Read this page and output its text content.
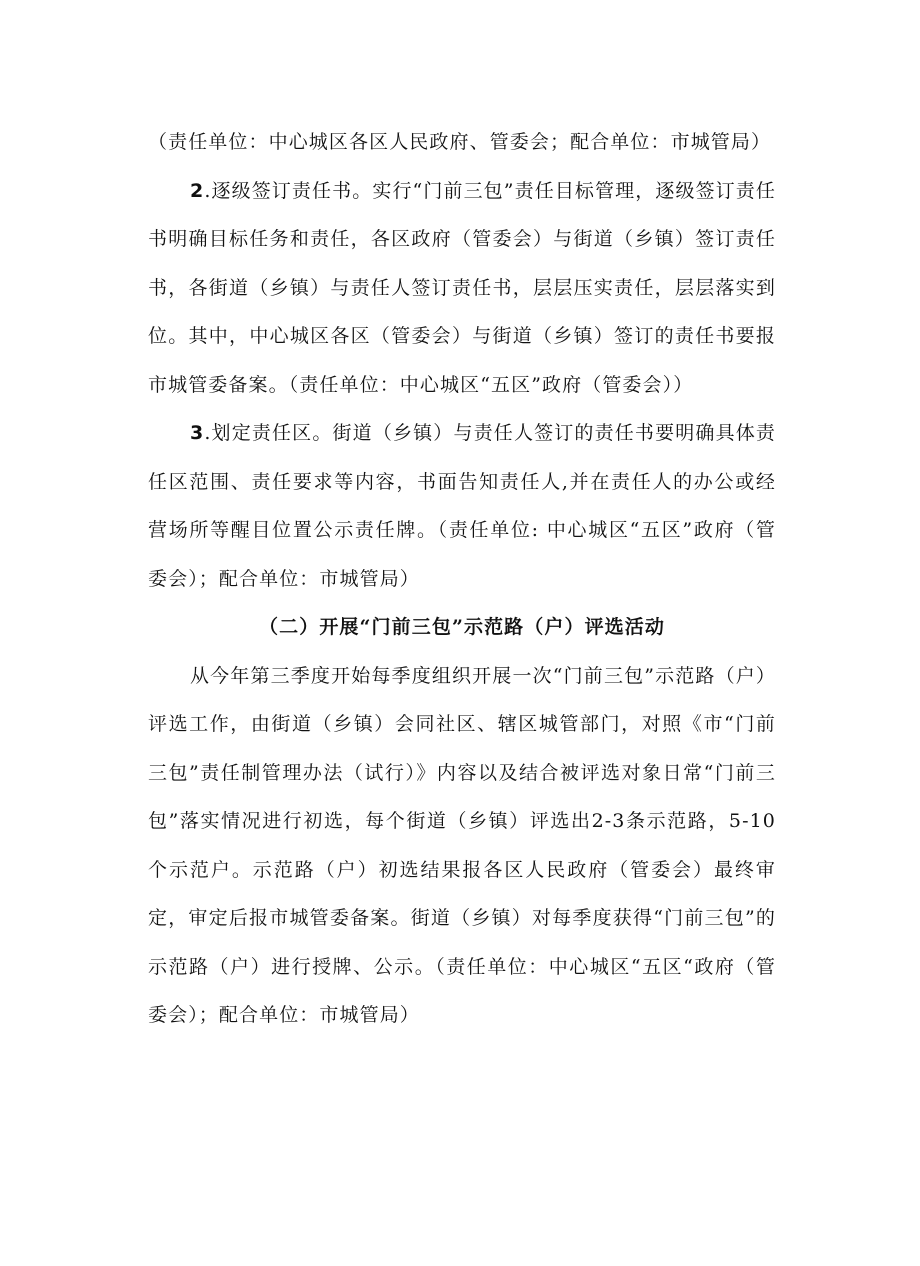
（责任单位：中心城区各区人民政府、管委会；配合单位：市城管局）

2.逐级签订责任书。实行“门前三包”责任目标管理，逐级签订责任书明确目标任务和责任，各区政府（管委会）与街道（乡镇）签订责任书，各街道（乡镇）与责任人签订责任书，层层压实责任，层层落实到位。其中，中心城区各区（管委会）与街道（乡镇）签订的责任书要报市城管委备案。（责任单位：中心城区“五区”政府（管委会））

3.划定责任区。街道（乡镇）与责任人签订的责任书要明确具体责任区范围、责任要求等内容，书面告知责任人,并在责任人的办公或经营场所等醒目位置公示责任牌。（责任单位: 中心城区“五区”政府（管委会）；配合单位：市城管局）

（二）开展“门前三包”示范路（户）评选活动

从今年第三季度开始每季度组织开展一次“门前三包”示范路（户）评选工作，由街道（乡镇）会同社区、辖区城管部门，对照《市“门前三包”责任制管理办法（试行）》内容以及结合被评选对象日常“门前三包”落实情况进行初选，每个街道（乡镇）评选出2-3条示范路，5-10个示范户。示范路（户）初选结果报各区人民政府（管委会）最终审定，审定后报市城管委备案。街道（乡镇）对每季度获得“门前三包”的示范路（户）进行授牌、公示。（责任单位：中心城区“五区“政府（管委会）；配合单位：市城管局）
